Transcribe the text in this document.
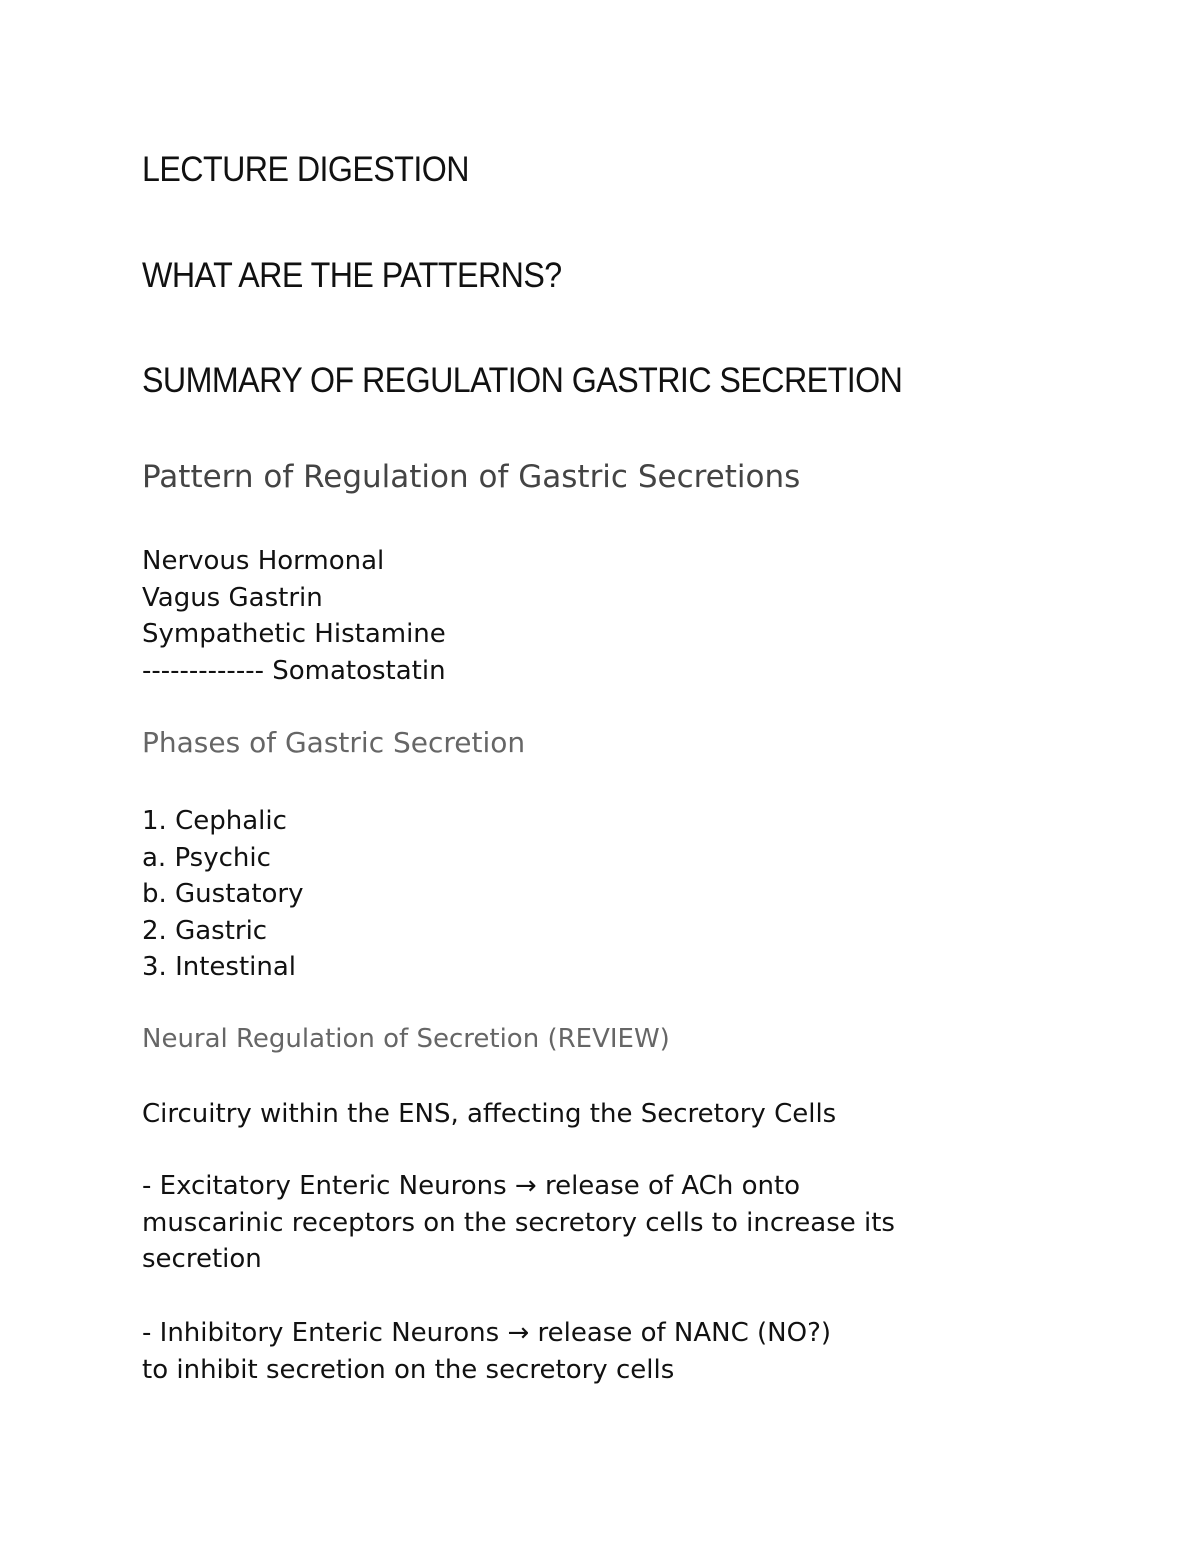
LECTURE DIGESTION
WHAT ARE THE PATTERNS?
SUMMARY OF REGULATION GASTRIC SECRETION
Pattern of Regulation of Gastric Secretions
Nervous Hormonal
Vagus Gastrin
Sympathetic Histamine
------------- Somatostatin
Phases of Gastric Secretion
1. Cephalic
a. Psychic
b. Gustatory
2. Gastric
3. Intestinal
Neural Regulation of Secretion (REVIEW)
Circuitry within the ENS, affecting the Secretory Cells
- Excitatory Enteric Neurons → release of ACh onto
muscarinic receptors on the secretory cells to increase its
secretion
- Inhibitory Enteric Neurons → release of NANC (NO?)
to inhibit secretion on the secretory cells
